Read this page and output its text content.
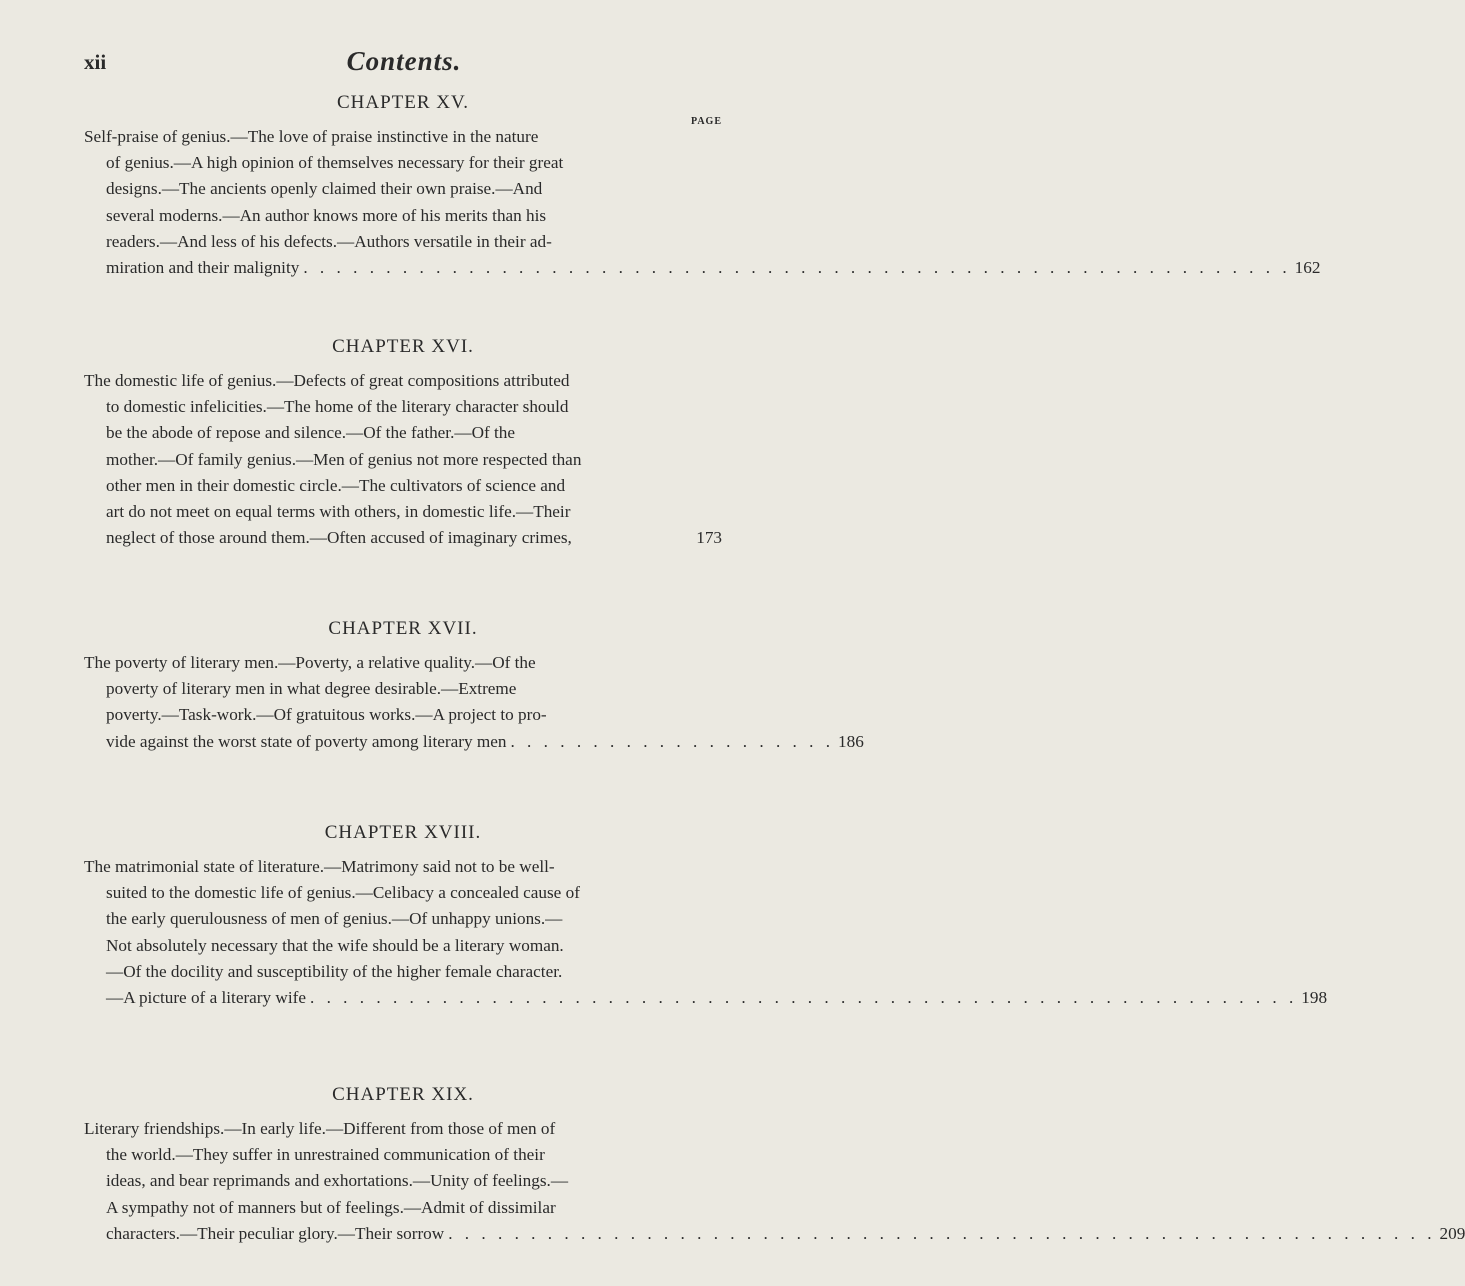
xii	Contents.
CHAPTER XV.
PAGE
Self-praise of genius.—The love of praise instinctive in the nature
of genius.—A high opinion of themselves necessary for their great
designs.—The ancients openly claimed their own praise.—And
several moderns.—An author knows more of his merits than his
readers.—And less of his defects.—Authors versatile in their ad-
miration and their malignity . . . . . . . . . . . . . . . . . . . . . . . . . . . . . . . . . . . . . . . . . . . . . . . . . . . . . . . . . . . . 162
CHAPTER XVI.
The domestic life of genius.—Defects of great compositions attributed
to domestic infelicities.—The home of the literary character should
be the abode of repose and silence.—Of the father.—Of the
mother.—Of family genius.—Men of genius not more respected than
other men in their domestic circle.—The cultivators of science and
art do not meet on equal terms with others, in domestic life.—Their
neglect of those around them.—Often accused of imaginary crimes,	173
CHAPTER XVII.
The poverty of literary men.—Poverty, a relative quality.—Of the
poverty of literary men in what degree desirable.—Extreme
poverty.—Task-work.—Of gratuitous works.—A project to pro-
vide against the worst state of poverty among literary men . . . . . . . . . . . . . . . . . . . . 186
CHAPTER XVIII.
The matrimonial state of literature.—Matrimony said not to be well-
suited to the domestic life of genius.—Celibacy a concealed cause of
the early querulousness of men of genius.—Of unhappy unions.—
Not absolutely necessary that the wife should be a literary woman.
—Of the docility and susceptibility of the higher female character.
—A picture of a literary wife . . . . . . . . . . . . . . . . . . . . . . . . . . . . . . . . . . . . . . . . . . . . . . . . . . . . . . . . . . . . 198
CHAPTER XIX.
Literary friendships.—In early life.—Different from those of men of
the world.—They suffer in unrestrained communication of their
ideas, and bear reprimands and exhortations.—Unity of feelings.—
A sympathy not of manners but of feelings.—Admit of dissimilar
characters.—Their peculiar glory.—Their sorrow . . . . . . . . . . . . . . . . . . . . . . . . . . . . . . . . . . . . . . . . . . . . . . . . . . . . . . . . . . . . 209
